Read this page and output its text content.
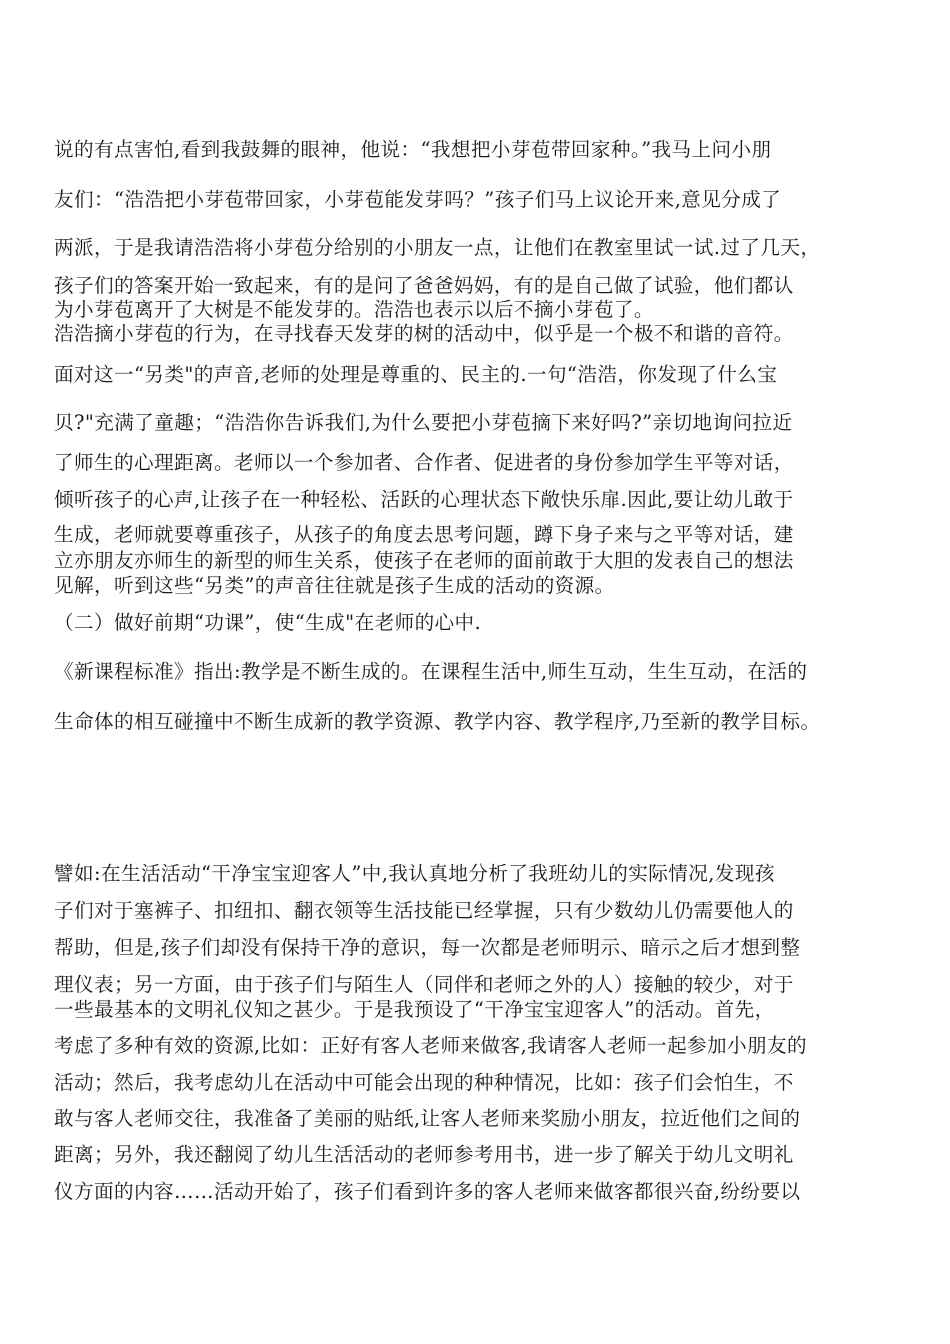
说的有点害怕,看到我鼓舞的眼神，他说：“我想把小芽苞带回家种。”我马上问小朋

友们：“浩浩把小芽苞带回家，小芽苞能发芽吗？”孩子们马上议论开来,意见分成了

两派，于是我请浩浩将小芽苞分给别的小朋友一点，让他们在教室里试一试.过了几天，

孩子们的答案开始一致起来，有的是问了爸爸妈妈，有的是自己做了试验，他们都认

为小芽苞离开了大树是不能发芽的。浩浩也表示以后不摘小芽苞了。

浩浩摘小芽苞的行为，在寻找春天发芽的树的活动中，似乎是一个极不和谐的音符。

面对这一“另类"的声音,老师的处理是尊重的、民主的.一句“浩浩，你发现了什么宝

贝?"充满了童趣；“浩浩你告诉我们,为什么要把小芽苞摘下来好吗?”亲切地询问拉近

了师生的心理距离。老师以一个参加者、合作者、促进者的身份参加学生平等对话，

倾听孩子的心声,让孩子在一种轻松、活跃的心理状态下敞快乐扉.因此,要让幼儿敢于

生成，老师就要尊重孩子，从孩子的角度去思考问题，蹲下身子来与之平等对话，建

立亦朋友亦师生的新型的师生关系，使孩子在老师的面前敢于大胆的发表自己的想法

见解，听到这些“另类”的声音往往就是孩子生成的活动的资源。

（二）做好前期“功课”，使“生成"在老师的心中.

《新课程标准》指出:教学是不断生成的。在课程生活中,师生互动，生生互动，在活的

生命体的相互碰撞中不断生成新的教学资源、教学内容、教学程序,乃至新的教学目标。

譬如:在生活活动“干净宝宝迎客人”中,我认真地分析了我班幼儿的实际情况,发现孩

子们对于塞裤子、扣纽扣、翻衣领等生活技能已经掌握，只有少数幼儿仍需要他人的

帮助，但是,孩子们却没有保持干净的意识，每一次都是老师明示、暗示之后才想到整

理仪表；另一方面，由于孩子们与陌生人（同伴和老师之外的人）接触的较少，对于

一些最基本的文明礼仪知之甚少。于是我预设了“干净宝宝迎客人”的活动。首先，

考虑了多种有效的资源,比如：正好有客人老师来做客,我请客人老师一起参加小朋友的

活动；然后，我考虑幼儿在活动中可能会出现的种种情况，比如：孩子们会怕生，不

敢与客人老师交往，我准备了美丽的贴纸,让客人老师来奖励小朋友，拉近他们之间的

距离；另外，我还翻阅了幼儿生活活动的老师参考用书，进一步了解关于幼儿文明礼

仪方面的内容……活动开始了，孩子们看到许多的客人老师来做客都很兴奋,纷纷要以
